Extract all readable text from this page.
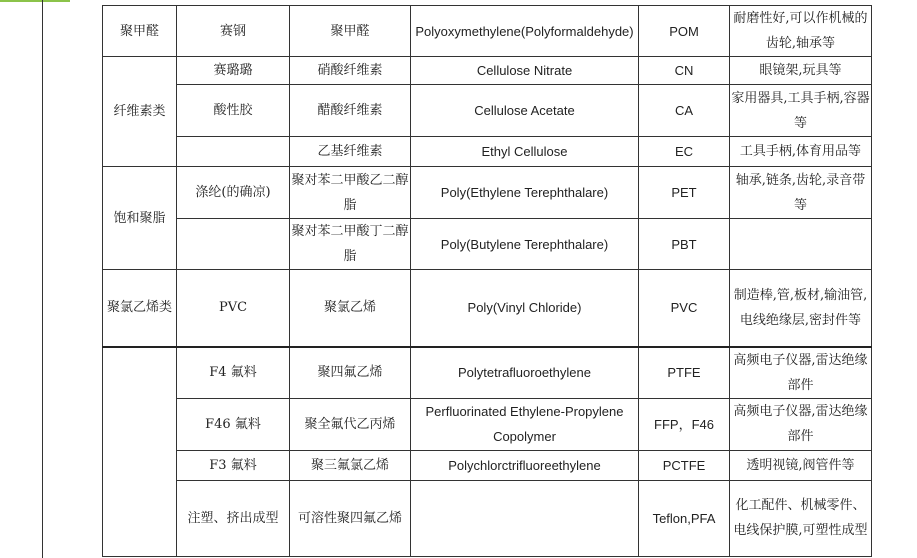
聚甲醛	赛钢	聚甲醛	Polyoxymethylene(Polyformaldehyde)	POM	耐磨性好,可以作机械的齿轮,轴承等
纤维素类	赛璐璐	硝酸纤维素	Cellulose Nitrate	CN	眼镜架,玩具等
	酸性胶	醋酸纤维素	Cellulose Acetate	CA	家用器具,工具手柄,容器等
		乙基纤维素	Ethyl Cellulose	EC	工具手柄,体育用品等
饱和聚脂	涤纶(的确凉)	聚对苯二甲酸乙二醇脂	Poly(Ethylene Terephthalare)	PET	轴承,链条,齿轮,录音带等
		聚对苯二甲酸丁二醇脂	Poly(Butylene Terephthalare)	PBT	
聚氯乙烯类	PVC	聚氯乙烯	Poly(Vinyl Chloride)	PVC	制造棒,管,板材,输油管,电线绝缘层,密封件等
	F4 氟料	聚四氟乙烯	Polytetrafluoroethylene	PTFE	高频电子仪器,雷达绝缘部件
	F46 氟料	聚全氟代乙丙烯	Perfluorinated Ethylene-Propylene Copolymer	FFP，F46	高频电子仪器,雷达绝缘部件
	F3 氟料	聚三氟氯乙烯	Polychlorctrifluoreethylene	PCTFE	透明视镜,阀管件等
	注塑、挤出成型	可溶性聚四氟乙烯		Teflon,PFA	化工配件、机械零件、电线保护膜,可塑性成型
